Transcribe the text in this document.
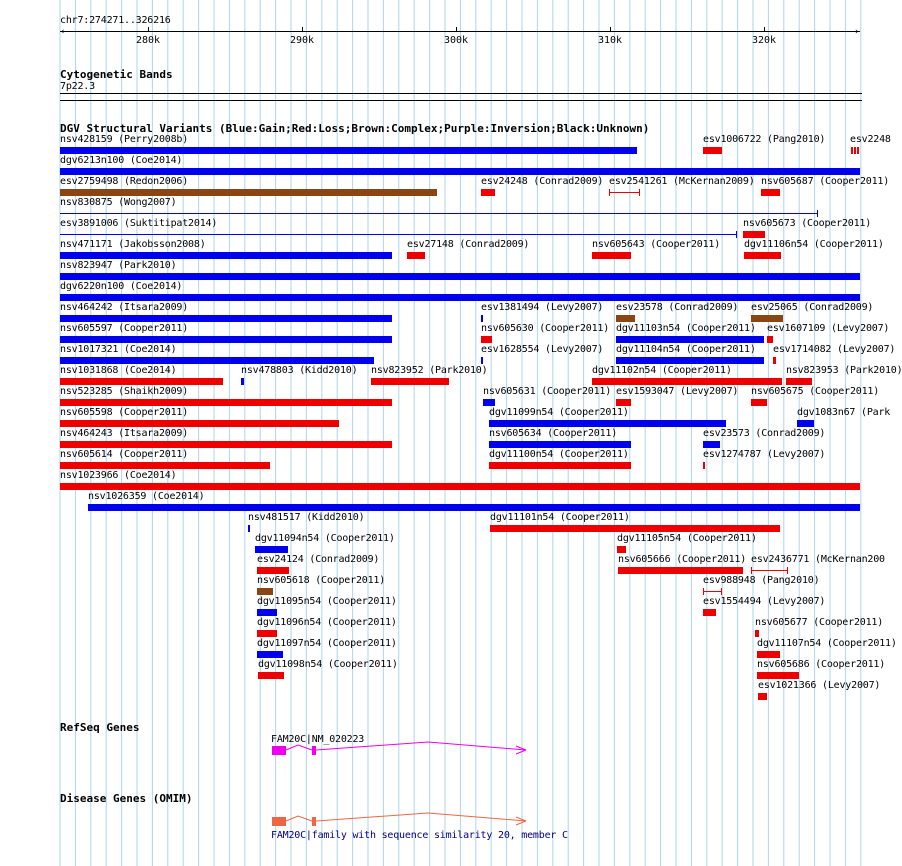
chr7:274271..326216
‹	›
280k	290k	300k	310k	320k
Cytogenetic Bands
7p22.3
DGV Structural Variants (Blue:Gain;Red:Loss;Brown:Complex;Purple:Inversion;Black:Unknown)
nsv428159 (Perry2008b)	esv1006722 (Pang2010) esv2248
dgv6213n100 (Coe2014)
esv2759498 (Redon2006)	esv24248 (Conrad2009) esv2541261 (McKernan2009) nsv605687 (Cooper2011)
nsv830875 (Wong2007)
esv3891006 (Suktitipat2014)	nsv605673 (Cooper2011)
nsv471171 (Jakobsson2008)	esv27148 (Conrad2009)	nsv605643 (Cooper2011) dgv11106n54 (Cooper2011)
nsv823947 (Park2010)
dgv6220n100 (Coe2014)
nsv464242 (Itsara2009)	esv1381494 (Levy2007) esv23578 (Conrad2009) esv25065 (Conrad2009)
nsv605597 (Cooper2011)	nsv605630 (Cooper2011) dgv11103n54 (Cooper2011) esv1607109 (Levy2007)
nsv1017321 (Coe2014)	esv1628554 (Levy2007) dgv11104n54 (Cooper2011) esv1714082 (Levy2007)
nsv1031868 (Coe2014)	nsv478803 (Kidd2010) nsv823952 (Park2010)	dgv11102n54 (Cooper2011)	nsv823953 (Park2010)
nsv523285 (Shaikh2009)	nsv605631 (Cooper2011) esv1593047 (Levy2007) nsv605675 (Cooper2011)
nsv605598 (Cooper2011)	dgv11099n54 (Cooper2011)	dgv1083n67 (Park
nsv464243 (Itsara2009)	nsv605634 (Cooper2011)	esv23573 (Conrad2009)
nsv605614 (Cooper2011)	dgv11100n54 (Cooper2011)	esv1274787 (Levy2007)
nsv1023966 (Coe2014)
nsv1026359 (Coe2014)
nsv481517 (Kidd2010)	dgv11101n54 (Cooper2011)
dgv11094n54 (Cooper2011)	dgv11105n54 (Cooper2011)
esv24124 (Conrad2009)	nsv605666 (Cooper2011) esv2436771 (McKernan200
nsv605618 (Cooper2011)	esv988948 (Pang2010)
dgv11095n54 (Cooper2011)	esv1554494 (Levy2007)
dgv11096n54 (Cooper2011)	nsv605677 (Cooper2011)
dgv11097n54 (Cooper2011)	dgv11107n54 (Cooper2011)
dgv11098n54 (Cooper2011)	nsv605686 (Cooper2011)
esv1021366 (Levy2007)
RefSeq Genes
FAM20C|NM_020223
Disease Genes (OMIM)
FAM20C|family with sequence similarity 20, member C
